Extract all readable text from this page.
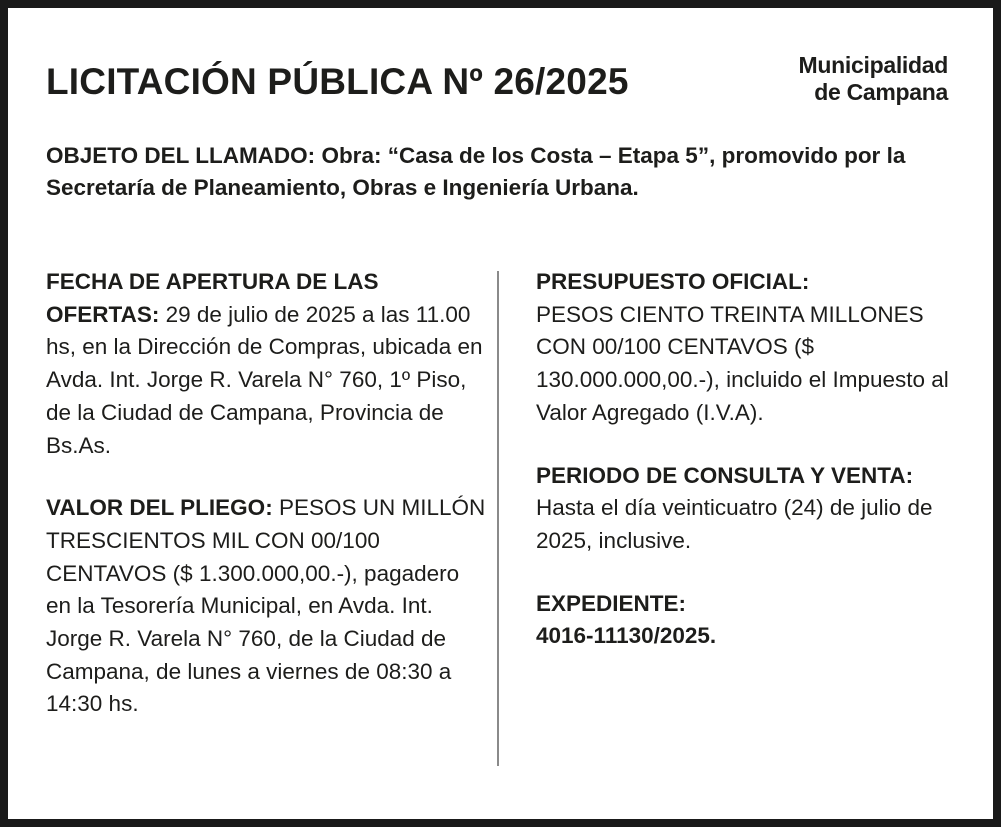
LICITACIÓN PÚBLICA Nº 26/2025	Municipalidad
de Campana

OBJETO DEL LLAMADO: Obra: “Casa de los Costa – Etapa 5”, promovido por la Secretaría de Planeamiento, Obras e Ingeniería Urbana.

FECHA DE APERTURA DE LAS OFERTAS: 29 de julio de 2025 a las 11.00 hs, en la Dirección de Compras, ubicada en Avda. Int. Jorge R. Varela N° 760, 1º Piso, de la Ciudad de Campana, Provincia de Bs.As.

VALOR DEL PLIEGO: PESOS UN MILLÓN TRESCIENTOS MIL CON 00/100 CENTAVOS ($ 1.300.000,00.-), pagadero en la Tesorería Municipal, en Avda. Int. Jorge R. Varela N° 760, de la Ciudad de Campana, de lunes a viernes de 08:30 a 14:30 hs.

PRESUPUESTO OFICIAL:
PESOS CIENTO TREINTA MILLONES CON 00/100 CENTAVOS ($ 130.000.000,00.-), incluido el Impuesto al Valor Agregado (I.V.A).

PERIODO DE CONSULTA Y VENTA: Hasta el día veinticuatro (24) de julio de 2025, inclusive.

EXPEDIENTE:
4016-11130/2025.
